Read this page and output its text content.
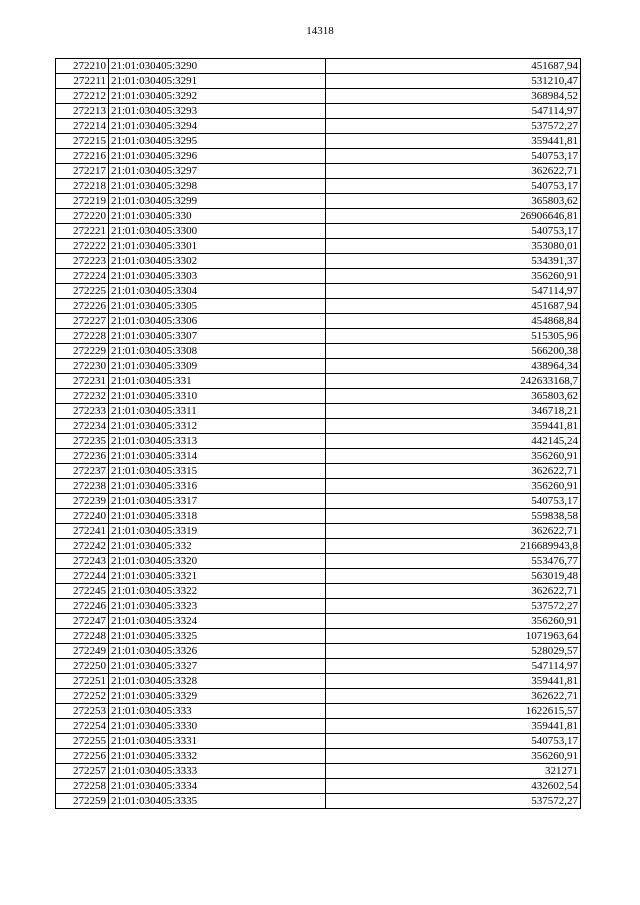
14318
272210	21:01:030405:3290	451687,94
272211	21:01:030405:3291	531210,47
272212	21:01:030405:3292	368984,52
272213	21:01:030405:3293	547114,97
272214	21:01:030405:3294	537572,27
272215	21:01:030405:3295	359441,81
272216	21:01:030405:3296	540753,17
272217	21:01:030405:3297	362622,71
272218	21:01:030405:3298	540753,17
272219	21:01:030405:3299	365803,62
272220	21:01:030405:330	26906646,81
272221	21:01:030405:3300	540753,17
272222	21:01:030405:3301	353080,01
272223	21:01:030405:3302	534391,37
272224	21:01:030405:3303	356260,91
272225	21:01:030405:3304	547114,97
272226	21:01:030405:3305	451687,94
272227	21:01:030405:3306	454868,84
272228	21:01:030405:3307	515305,96
272229	21:01:030405:3308	566200,38
272230	21:01:030405:3309	438964,34
272231	21:01:030405:331	242633168,7
272232	21:01:030405:3310	365803,62
272233	21:01:030405:3311	346718,21
272234	21:01:030405:3312	359441,81
272235	21:01:030405:3313	442145,24
272236	21:01:030405:3314	356260,91
272237	21:01:030405:3315	362622,71
272238	21:01:030405:3316	356260,91
272239	21:01:030405:3317	540753,17
272240	21:01:030405:3318	559838,58
272241	21:01:030405:3319	362622,71
272242	21:01:030405:332	216689943,8
272243	21:01:030405:3320	553476,77
272244	21:01:030405:3321	563019,48
272245	21:01:030405:3322	362622,71
272246	21:01:030405:3323	537572,27
272247	21:01:030405:3324	356260,91
272248	21:01:030405:3325	1071963,64
272249	21:01:030405:3326	528029,57
272250	21:01:030405:3327	547114,97
272251	21:01:030405:3328	359441,81
272252	21:01:030405:3329	362622,71
272253	21:01:030405:333	1622615,57
272254	21:01:030405:3330	359441,81
272255	21:01:030405:3331	540753,17
272256	21:01:030405:3332	356260,91
272257	21:01:030405:3333	321271
272258	21:01:030405:3334	432602,54
272259	21:01:030405:3335	537572,27
